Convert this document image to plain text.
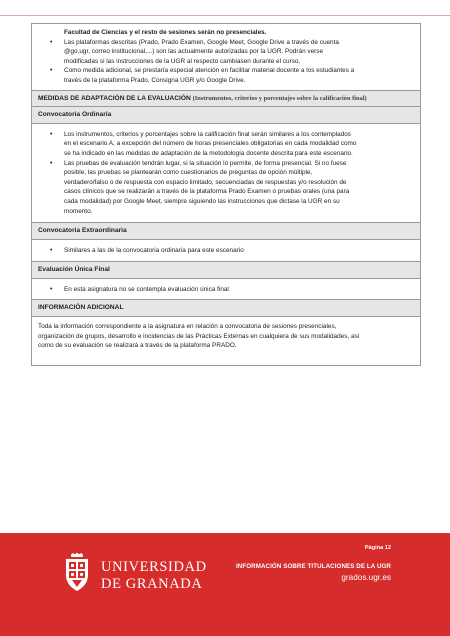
Facultad de Ciencias y el resto de sesiones serán no presenciales.

• Las plataformas descritas (Prado, Prado Examen, Google Meet, Google Drive a través de cuenta
@go.ugr, correo institucional,...) son las actualmente autorizadas por la UGR. Podrán verse
modificadas si las instrucciones de la UGR al respecto cambiasen durante el curso.
• Como medida adicional, se prestaría especial atención en facilitar material docente a los estudiantes a
través de la plataforma Prado, Consigna UGR y/o Google Drive.
MEDIDAS DE ADAPTACIÓN DE LA EVALUACIÓN (Instrumentos, criterios y porcentajes sobre la calificación final)
Convocatoria Ordinaria
• Los instrumentos, criterios y porcentajes sobre la calificación final serán similares a los contemplados
en el escenario A, a excepción del número de horas presenciales obligatorias en cada modalidad como
se ha indicado en las medidas de adaptación de la metodología docente descrita para este escenario.
• Las pruebas de evaluación tendrán lugar, si la situación lo permite, de forma presencial. Si no fuese
posible, las pruebas se plantearán como cuestionarios de preguntas de opción múltiple,
verdadero/falso o de respuesta con espacio limitado, secuenciadas de respuestas y/o resolución de
casos clínicos que se realizarán a través de la plataforma Prado Examen o pruebas orales (una para
cada modalidad) por Google Meet, siempre siguiendo las instrucciones que dictase la UGR en su
momento.
Convocatoria Extraordinaria
• Similares a las de la convocatoria ordinaria para este escenario
Evaluación Única Final
• En esta asignatura no se contempla evaluación única final
INFORMACIÓN ADICIONAL
Toda la información correspondiente a la asignatura en relación a convocatoria de sesiones presenciales,
organización de grupos, desarrollo e incidencias de las Prácticas Externas en cualquiera de sus modalidades, así
como de su evaluación se realizará a través de la plataforma PRADO.
UNIVERSIDAD
DE GRANADA
Página 12
INFORMACIÓN SOBRE TITULACIONES DE LA UGR
grados.ugr.es
